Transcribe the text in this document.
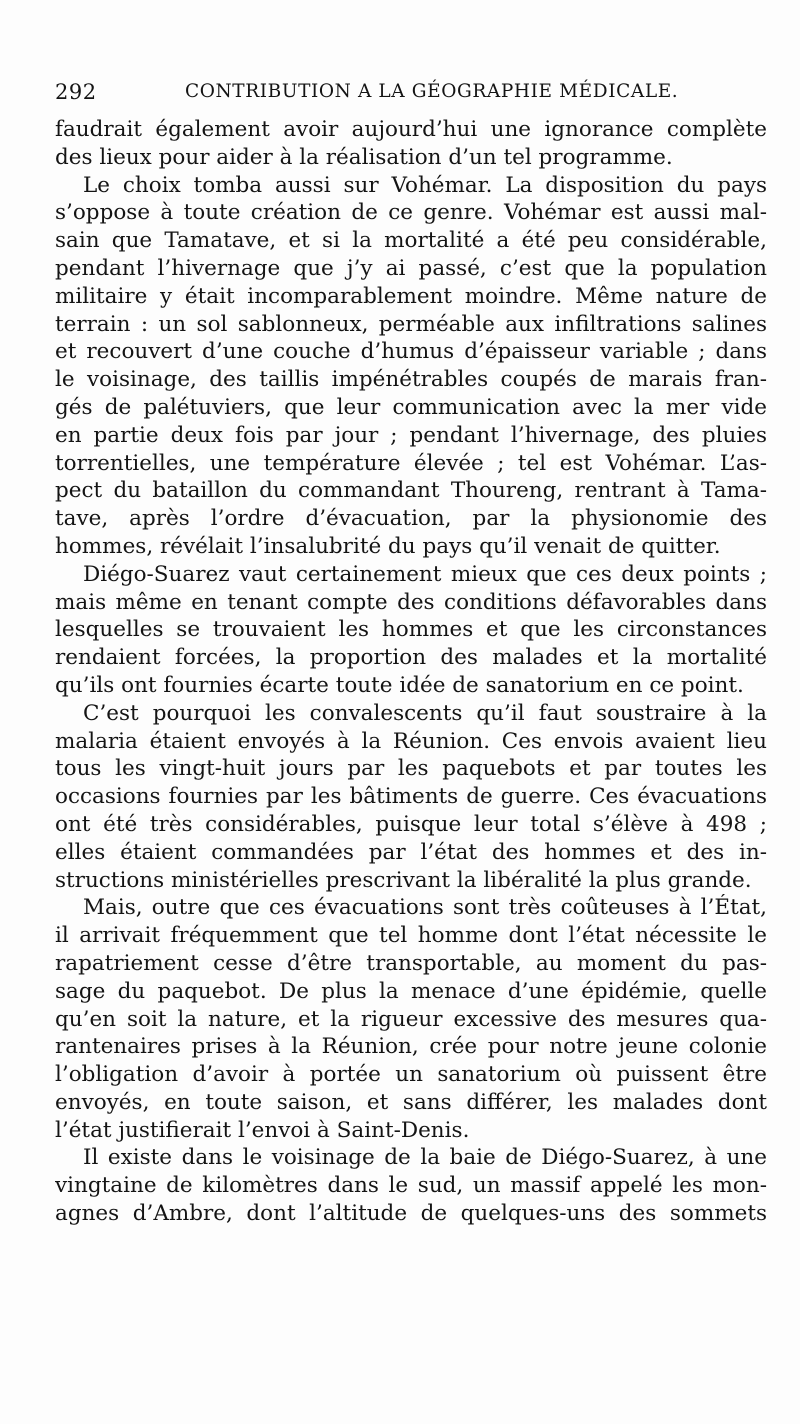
292	CONTRIBUTION A LA GÉOGRAPHIE MÉDICALE.
faudrait également avoir aujourd’hui une ignorance complète
des lieux pour aider à la réalisation d’un tel programme.
Le choix tomba aussi sur Vohémar. La disposition du pays
s’oppose à toute création de ce genre. Vohémar est aussi mal-
sain que Tamatave, et si la mortalité a été peu considérable,
pendant l’hivernage que j’y ai passé, c’est que la population
militaire y était incomparablement moindre. Même nature de
terrain : un sol sablonneux, perméable aux infiltrations salines
et recouvert d’une couche d’humus d’épaisseur variable ; dans
le voisinage, des taillis impénétrables coupés de marais fran-
gés de palétuviers, que leur communication avec la mer vide
en partie deux fois par jour ; pendant l’hivernage, des pluies
torrentielles, une température élevée ; tel est Vohémar. L’as-
pect du bataillon du commandant Thoureng, rentrant à Tama-
tave, après l’ordre d’évacuation, par la physionomie des
hommes, révélait l’insalubrité du pays qu’il venait de quitter.
Diégo-Suarez vaut certainement mieux que ces deux points ;
mais même en tenant compte des conditions défavorables dans
lesquelles se trouvaient les hommes et que les circonstances
rendaient forcées, la proportion des malades et la mortalité
qu’ils ont fournies écarte toute idée de sanatorium en ce point.
C’est pourquoi les convalescents qu’il faut soustraire à la
malaria étaient envoyés à la Réunion. Ces envois avaient lieu
tous les vingt-huit jours par les paquebots et par toutes les
occasions fournies par les bâtiments de guerre. Ces évacuations
ont été très considérables, puisque leur total s’élève à 498 ;
elles étaient commandées par l’état des hommes et des in-
structions ministérielles prescrivant la libéralité la plus grande.
Mais, outre que ces évacuations sont très coûteuses à l’État,
il arrivait fréquemment que tel homme dont l’état nécessite le
rapatriement cesse d’être transportable, au moment du pas-
sage du paquebot. De plus la menace d’une épidémie, quelle
qu’en soit la nature, et la rigueur excessive des mesures qua-
rantenaires prises à la Réunion, crée pour notre jeune colonie
l’obligation d’avoir à portée un sanatorium où puissent être
envoyés, en toute saison, et sans différer, les malades dont
l’état justifierait l’envoi à Saint-Denis.
Il existe dans le voisinage de la baie de Diégo-Suarez, à une
vingtaine de kilomètres dans le sud, un massif appelé les mon-
agnes d’Ambre, dont l’altitude de quelques-uns des sommets
